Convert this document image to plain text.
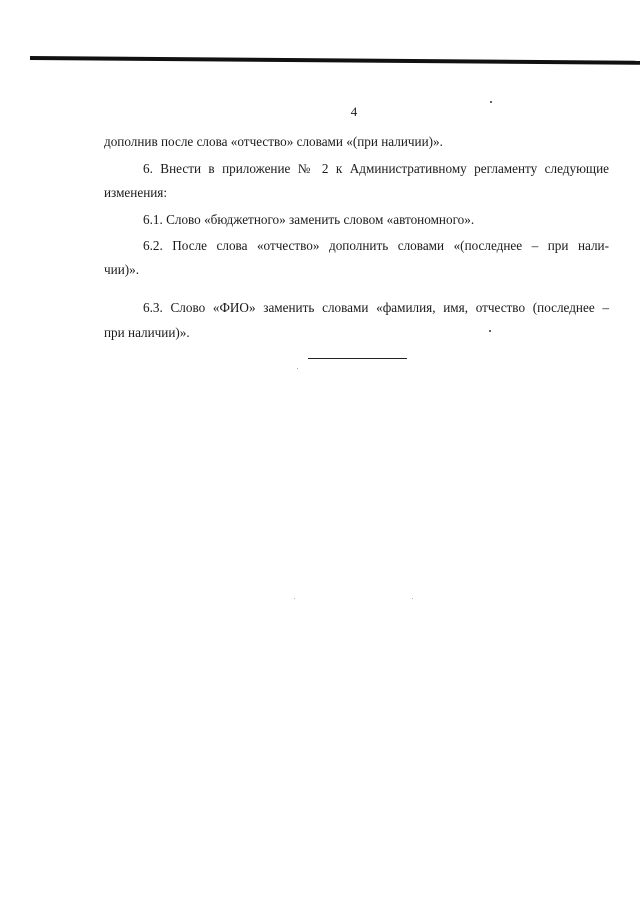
4
дополнив после слова «отчество» словами «(при наличии)».
6. Внести в приложение № 2 к Административному регламенту следующие
изменения:
6.1. Слово «бюджетного» заменить словом «автономного».
6.2. После слова «отчество» дополнить словами «(последнее – при нали-
чии)».
6.3. Слово «ФИО» заменить словами «фамилия, имя, отчество (последнее –
при наличии)».
